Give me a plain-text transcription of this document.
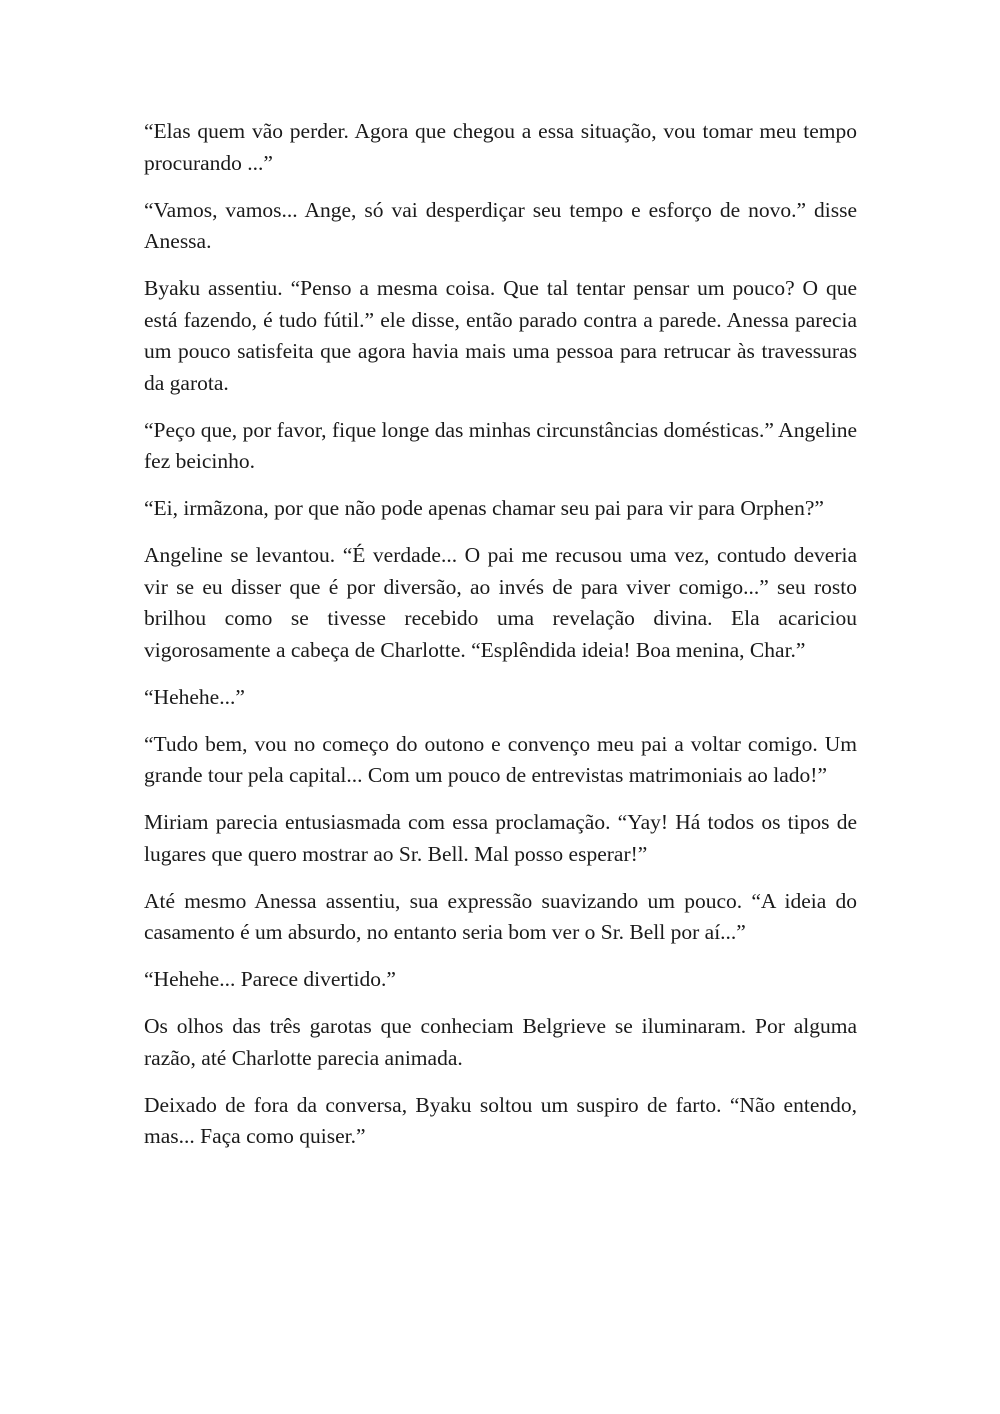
“Elas quem vão perder. Agora que chegou a essa situação, vou tomar meu tempo procurando ...”

“Vamos, vamos... Ange, só vai desperdiçar seu tempo e esforço de novo.” disse Anessa.

Byaku assentiu. “Penso a mesma coisa. Que tal tentar pensar um pouco? O que está fazendo, é tudo fútil.” ele disse, então parado contra a parede. Anessa parecia um pouco satisfeita que agora havia mais uma pessoa para retrucar às travessuras da garota.

“Peço que, por favor, fique longe das minhas circunstâncias domésticas.” Angeline fez beicinho.

“Ei, irmãzona, por que não pode apenas chamar seu pai para vir para Orphen?”

Angeline se levantou. “É verdade... O pai me recusou uma vez, contudo deveria vir se eu disser que é por diversão, ao invés de para viver comigo...” seu rosto brilhou como se tivesse recebido uma revelação divina. Ela acariciou vigorosamente a cabeça de Charlotte. “Esplêndida ideia! Boa menina, Char.”

“Hehehe...”

“Tudo bem, vou no começo do outono e convenço meu pai a voltar comigo. Um grande tour pela capital... Com um pouco de entrevistas matrimoniais ao lado!”

Miriam parecia entusiasmada com essa proclamação. “Yay! Há todos os tipos de lugares que quero mostrar ao Sr. Bell. Mal posso esperar!”

Até mesmo Anessa assentiu, sua expressão suavizando um pouco. “A ideia do casamento é um absurdo, no entanto seria bom ver o Sr. Bell por aí...”

“Hehehe... Parece divertido.”

Os olhos das três garotas que conheciam Belgrieve se iluminaram. Por alguma razão, até Charlotte parecia animada.

Deixado de fora da conversa, Byaku soltou um suspiro de farto. “Não entendo, mas... Faça como quiser.”
